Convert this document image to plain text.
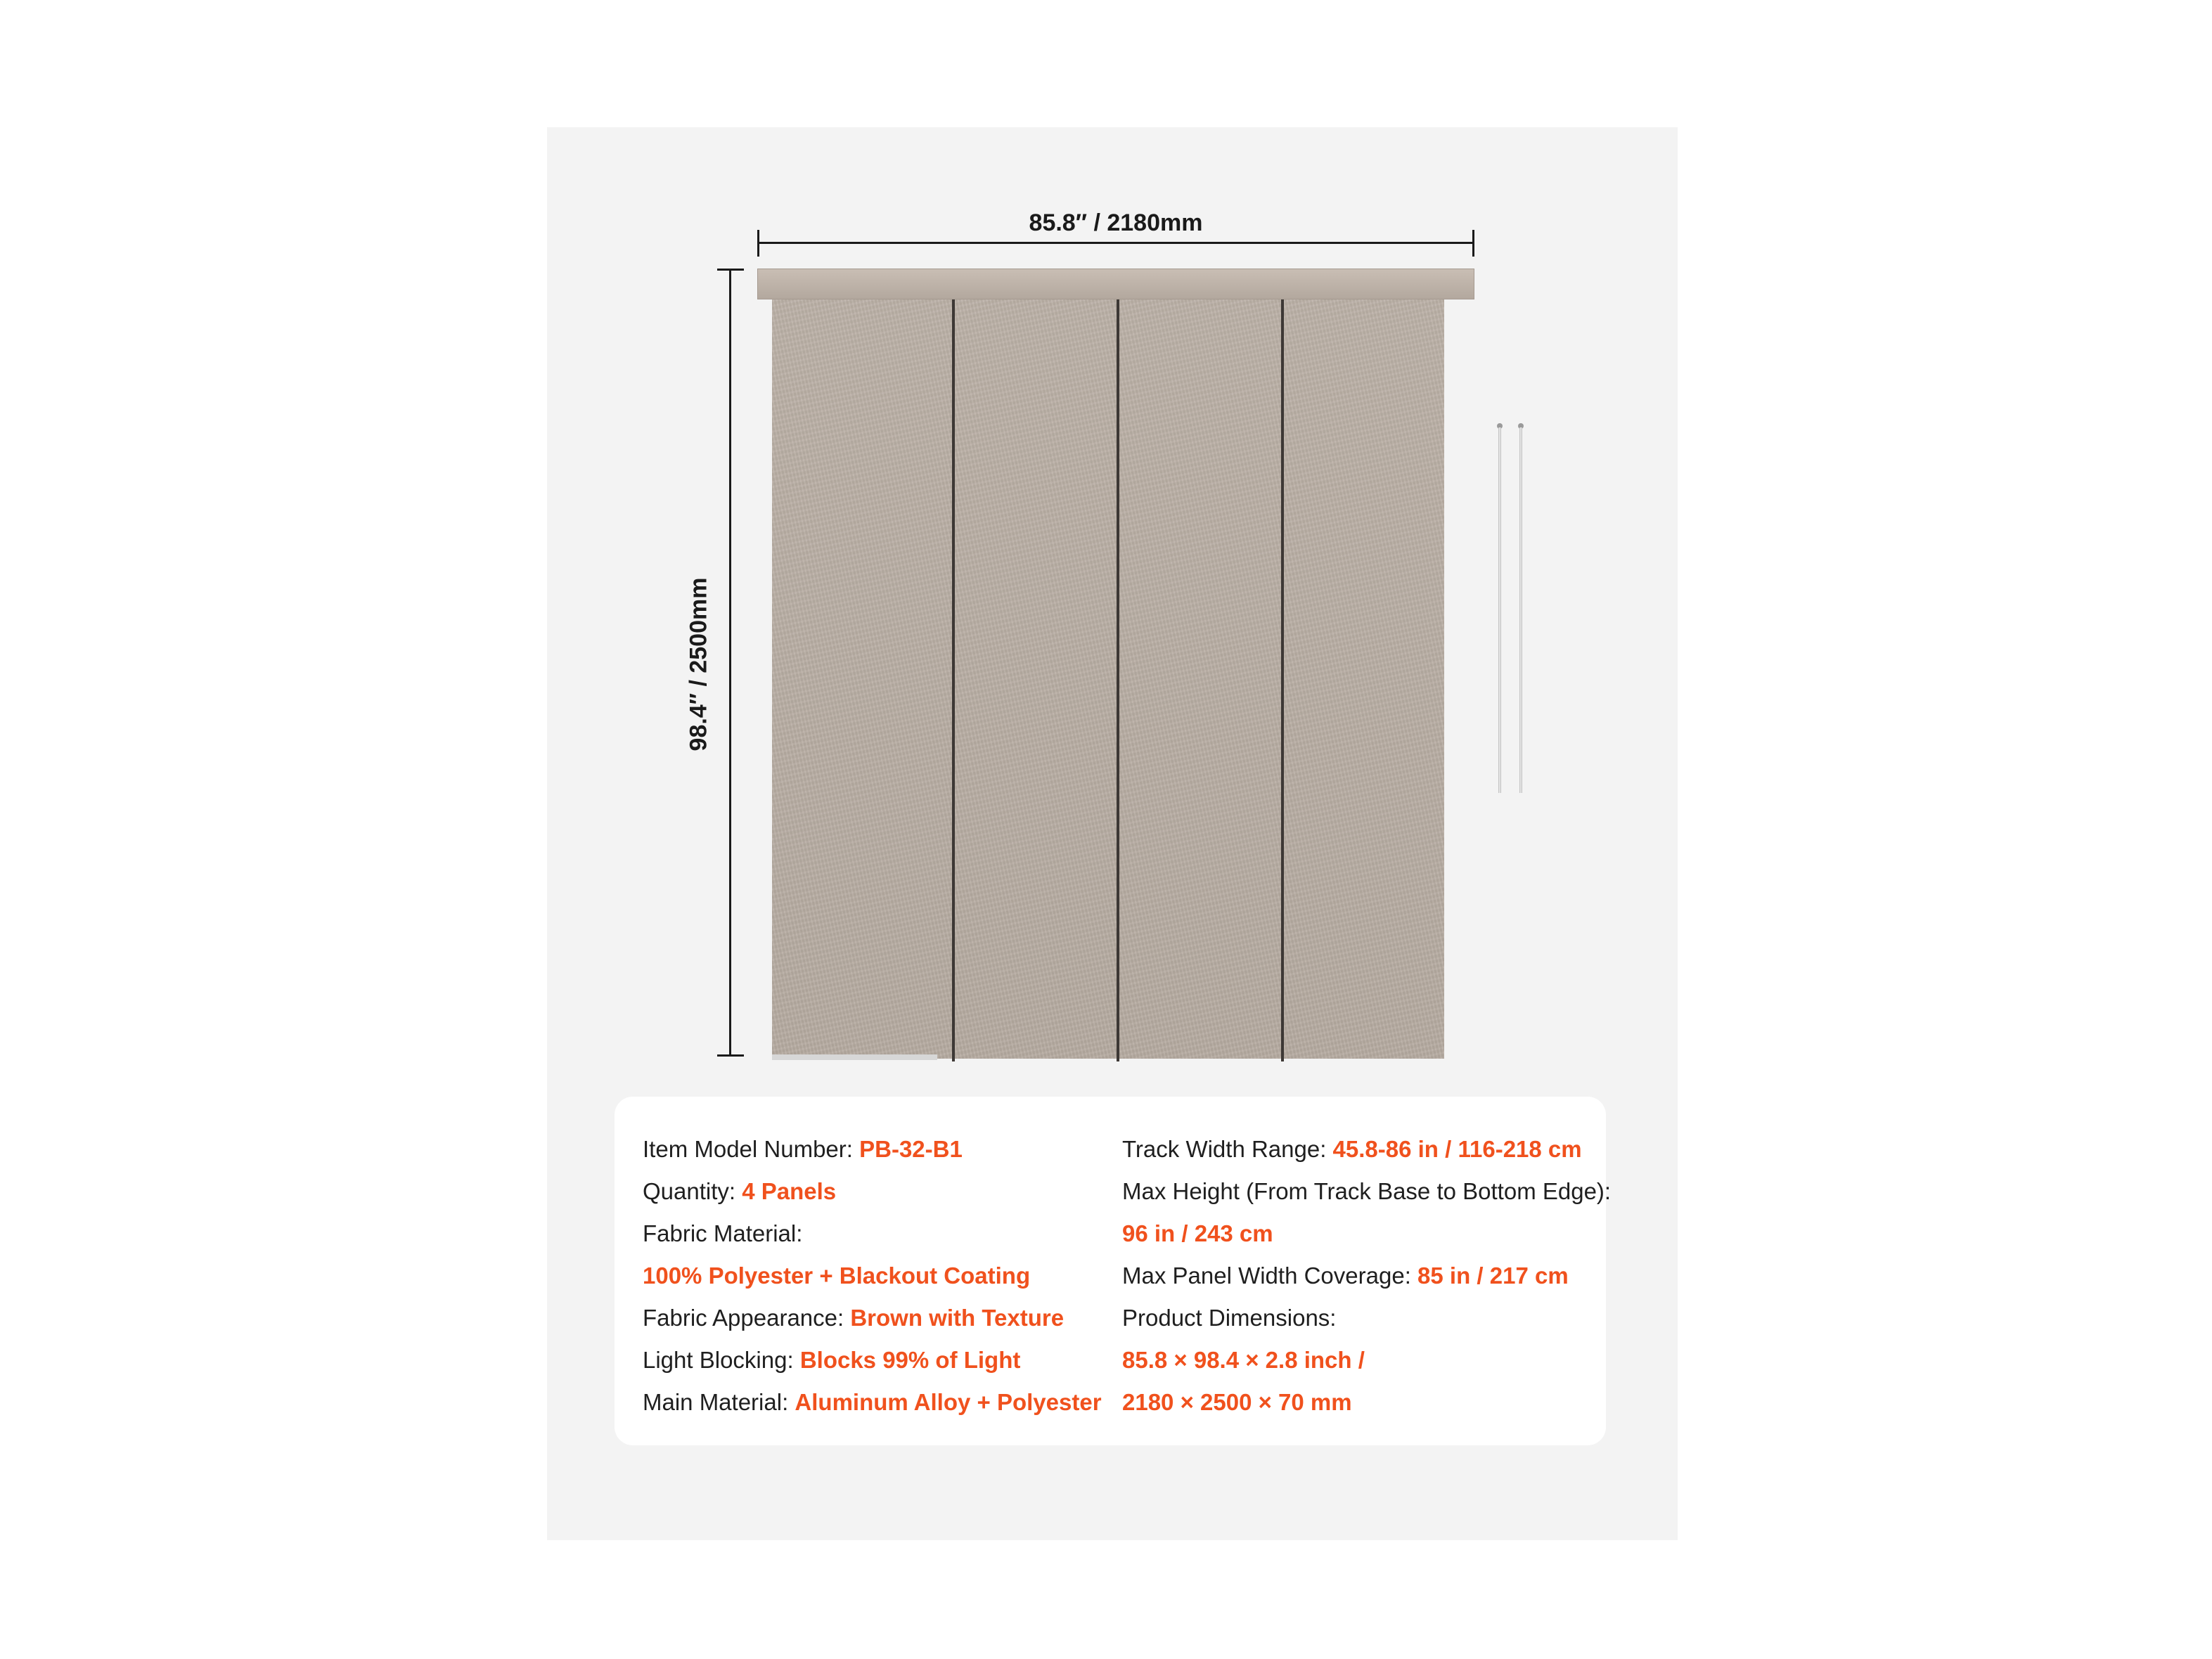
85.8″ / 2180mm
98.4″ / 2500mm
Item Model Number: PB-32-B1
Quantity: 4 Panels
Fabric Material:
100% Polyester + Blackout Coating
Fabric Appearance: Brown with Texture
Light Blocking: Blocks 99% of Light
Main Material: Aluminum Alloy + Polyester
Track Width Range: 45.8-86 in / 116-218 cm
Max Height (From Track Base to Bottom Edge):
96 in / 243 cm
Max Panel Width Coverage: 85 in / 217 cm
Product Dimensions:
85.8 × 98.4 × 2.8 inch /
2180 × 2500 × 70 mm
